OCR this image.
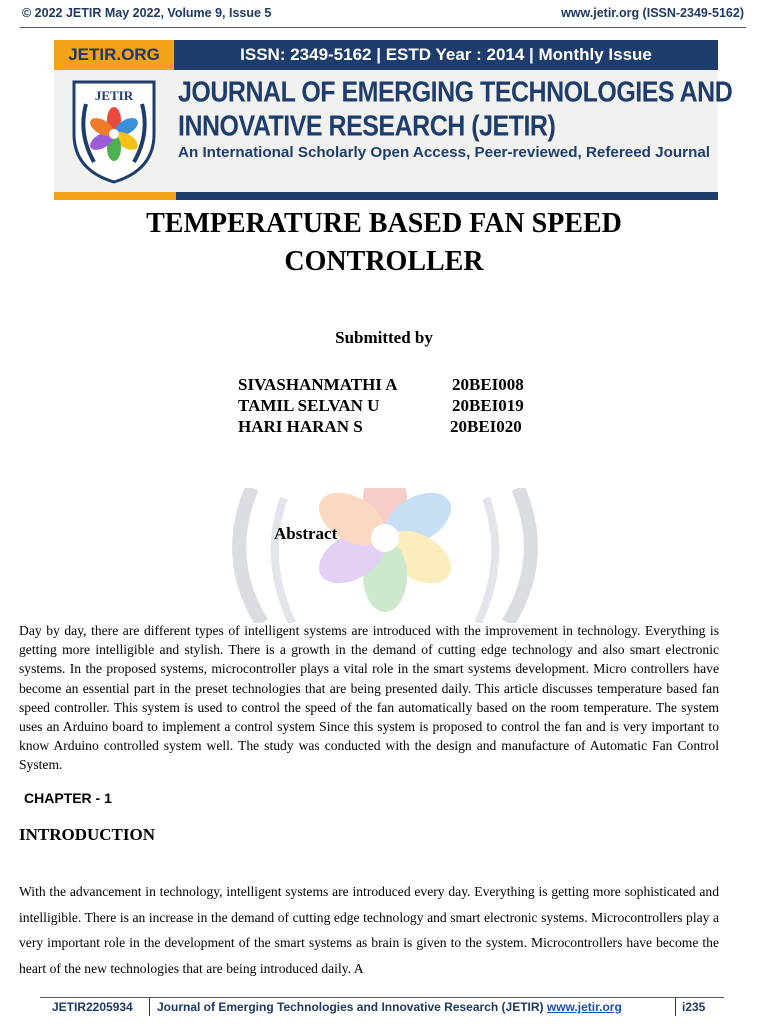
© 2022 JETIR May 2022, Volume 9, Issue 5	www.jetir.org (ISSN-2349-5162)
JETIR.ORG	ISSN: 2349-5162 | ESTD Year : 2014 | Monthly Issue
JETIR JOURNAL OF EMERGING TECHNOLOGIES AND
INNOVATIVE RESEARCH (JETIR)
An International Scholarly Open Access, Peer-reviewed, Refereed Journal
TEMPERATURE BASED FAN SPEED
CONTROLLER
Submitted by
SIVASHANMATHI A	20BEI008
TAMIL SELVAN U	20BEI019
HARI HARAN S	20BEI020
Abstract
Day by day, there are different types of intelligent systems are introduced with the improvement in technology. Everything is getting more intelligible and stylish. There is a growth in the demand of cutting edge technology and also smart electronic systems. In the proposed systems, microcontroller plays a vital role in the smart systems development. Micro controllers have become an essential part in the preset technologies that are being presented daily. This article discusses temperature based fan speed controller. This system is used to control the speed of the fan automatically based on the room temperature. The system uses an Arduino board to implement a control system Since this system is proposed to control the fan and is very important to know Arduino controlled system well. The study was conducted with the design and manufacture of Automatic Fan Control System.
CHAPTER - 1
INTRODUCTION
With the advancement in technology, intelligent systems are introduced every day. Everything is getting more sophisticated and intelligible. There is an increase in the demand of cutting edge technology and smart electronic systems. Microcontrollers play a very important role in the development of the smart systems as brain is given to the system. Microcontrollers have become the heart of the new technologies that are being introduced daily. A
JETIR2205934 Journal of Emerging Technologies and Innovative Research (JETIR) www.jetir.org	i235
